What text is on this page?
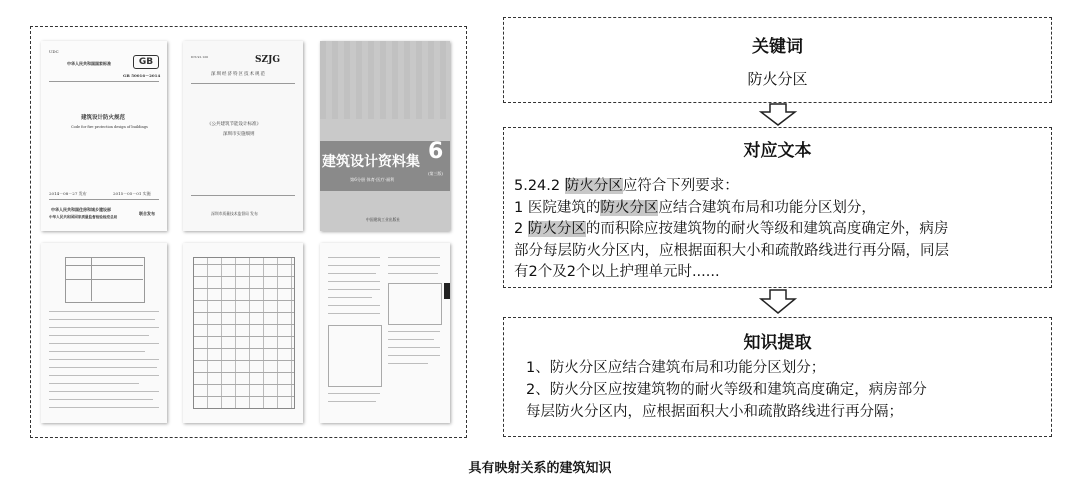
UDC
中华人民共和国国家标准	GB
GB 50016－2014
建筑设计防火规范
Code for fire protection design of buildings
2014－08－27 发布	2015－05－01 实施
中华人民共和国住房和城乡建设部
中华人民共和国国家质量监督检验检疫总局
联合发布
ICS 91.120	SZJG
深圳经济特区技术规范
《公共建筑节能设计标准》
深圳市实施细则
深圳市质量技术监督局 发布
建筑设计资料集 6
(第三版)
第6分册 体育·医疗·福利
中国建筑工业出版社
关键词
防火分区
对应文本
5.24.2 防火分区应符合下列要求：
1 医院建筑的防火分区应结合建筑布局和功能分区划分，
2 防火分区的而积除应按建筑物的耐火等级和建筑高度确定外，病房
部分每层防火分区内，应根据面积大小和疏散路线进行再分隔，同层
有2个及2个以上护理单元时......
知识提取
1、防火分区应结合建筑布局和功能分区划分；
2、防火分区应按建筑物的耐火等级和建筑高度确定，病房部分
每层防火分区内，应根据面积大小和疏散路线进行再分隔；
具有映射关系的建筑知识
